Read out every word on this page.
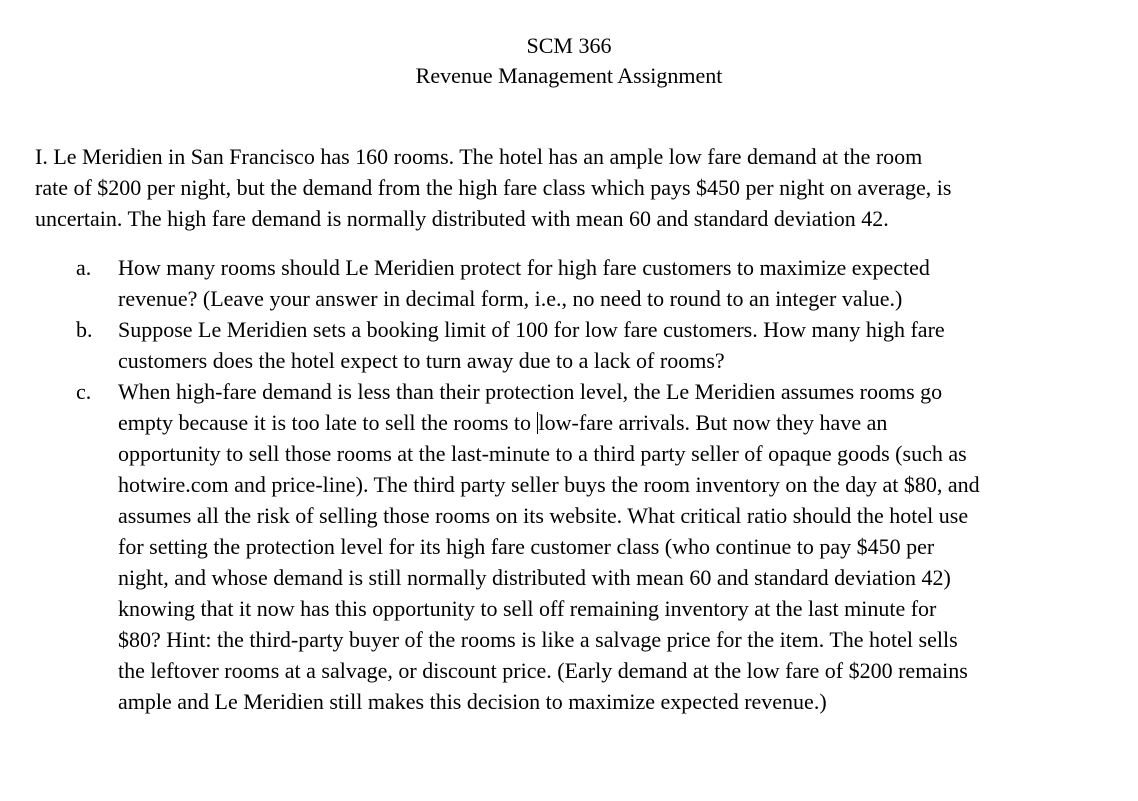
SCM 366
Revenue Management Assignment
I. Le Meridien in San Francisco has 160 rooms. The hotel has an ample low fare demand at the room
rate of $200 per night, but the demand from the high fare class which pays $450 per night on average, is
uncertain. The high fare demand is normally distributed with mean 60 and standard deviation 42.
a. How many rooms should Le Meridien protect for high fare customers to maximize expected
revenue? (Leave your answer in decimal form, i.e., no need to round to an integer value.)
b. Suppose Le Meridien sets a booking limit of 100 for low fare customers. How many high fare
customers does the hotel expect to turn away due to a lack of rooms?
c. When high-fare demand is less than their protection level, the Le Meridien assumes rooms go
empty because it is too late to sell the rooms to low-fare arrivals. But now they have an
opportunity to sell those rooms at the last-minute to a third party seller of opaque goods (such as
hotwire.com and price-line). The third party seller buys the room inventory on the day at $80, and
assumes all the risk of selling those rooms on its website. What critical ratio should the hotel use
for setting the protection level for its high fare customer class (who continue to pay $450 per
night, and whose demand is still normally distributed with mean 60 and standard deviation 42)
knowing that it now has this opportunity to sell off remaining inventory at the last minute for
$80? Hint: the third-party buyer of the rooms is like a salvage price for the item. The hotel sells
the leftover rooms at a salvage, or discount price. (Early demand at the low fare of $200 remains
ample and Le Meridien still makes this decision to maximize expected revenue.)
